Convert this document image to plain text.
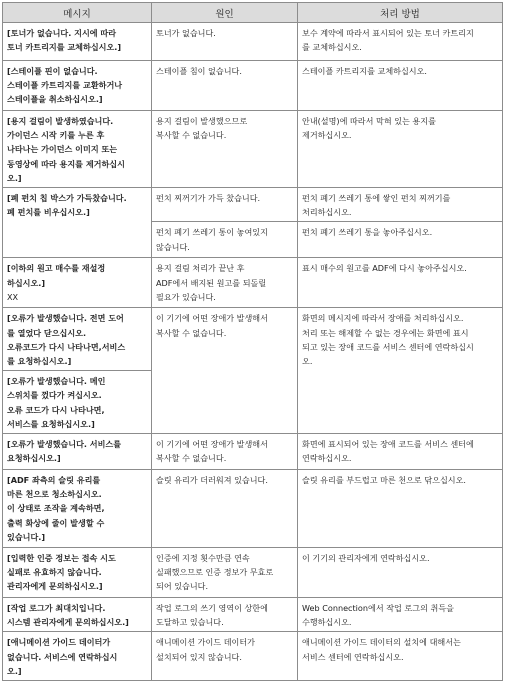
메시지	원인	처리 방법

[토너가 없습니다. 지시에 따라
토너 카트리지를 교체하십시오.]	토너가 없습니다.	보수 계약에 따라서 표시되어 있는 토너 카트리지
를 교체하십시오.

[스테이플 핀이 없습니다.
스테이플 카트리지를 교환하거나
스테이플을 취소하십시오.]	스테이플 침이 없습니다.	스테이플 카트리지를 교체하십시오.

[용지 걸림이 발생하였습니다.
가이던스 시작 키를 누른 후
나타나는 가이던스 이미지 또는
동영상에 따라 용지를 제거하십시
오.]	용지 걸림이 발생했으므로
복사할 수 없습니다.	안내(설명)에 따라서 막혀 있는 용지를
제거하십시오.

[폐 펀치 칩 박스가 가득찼습니다.
폐 펀치를 비우십시오.]	펀치 찌꺼기가 가득 찼습니다.	펀치 폐기 쓰레기 통에 쌓인 펀치 찌꺼기를
처리하십시오.

	펀치 폐기 쓰레기 통이 놓여있지
않습니다.	펀치 폐기 쓰레기 통을 놓아주십시오.

[이하의 원고 매수를 재설정
하십시오.]
XX	용지 걸림 처리가 끝난 후
ADF에서 배지된 원고를 되돌릴
필요가 있습니다.	표시 매수의 원고를 ADF에 다시 놓아주십시오.

[오류가 발생했습니다. 전면 도어
를 열었다 닫으십시오.
오류코드가 다시 나타나면,서비스
를 요청하십시오.]	이 기기에 어떤 장애가 발생해서
복사할 수 없습니다.	화면의 메시지에 따라서 장애를 처리하십시오.
처리 또는 해제할 수 없는 경우에는 화면에 표시
되고 있는 장애 코드를 서비스 센터에 연락하십시
오.

[오류가 발생했습니다. 메인
스위치를 껐다가 켜십시오.
오류 코드가 다시 나타나면,
서비스를 요청하십시오.]		

[오류가 발생했습니다. 서비스를
요청하십시오.]	이 기기에 어떤 장애가 발생해서
복사할 수 없습니다.	화면에 표시되어 있는 장애 코드를 서비스 센터에
연락하십시오.

[ADF 좌측의 슬릿 유리를
마른 천으로 청소하십시오.
이 상태로 조작을 계속하면,
출력 화상에 줄이 발생할 수
있습니다.]	슬릿 유리가 더러워져 있습니다.	슬릿 유리를 부드럽고 마른 천으로 닦으십시오.

[입력한 인증 정보는 접속 시도
실패로 유효하지 않습니다.
관리자에게 문의하십시오.]	인증에 지정 횟수만큼 연속
실패했으므로 인증 정보가 무효로
되어 있습니다.	이 기기의 관리자에게 연락하십시오.

[작업 로그가 최대치입니다.
시스템 관리자에게 문의하십시오.]	작업 로그의 쓰기 영역이 상한에
도달하고 있습니다.	Web Connection에서 작업 로그의 취득을
수행하십시오.

[애니메이션 가이드 데이터가
없습니다. 서비스에 연락하십시
오.]	애니메이션 가이드 데이터가
설치되어 있지 않습니다.	애니메이션 가이드 데이터의 설치에 대해서는
서비스 센터에 연락하십시오.
